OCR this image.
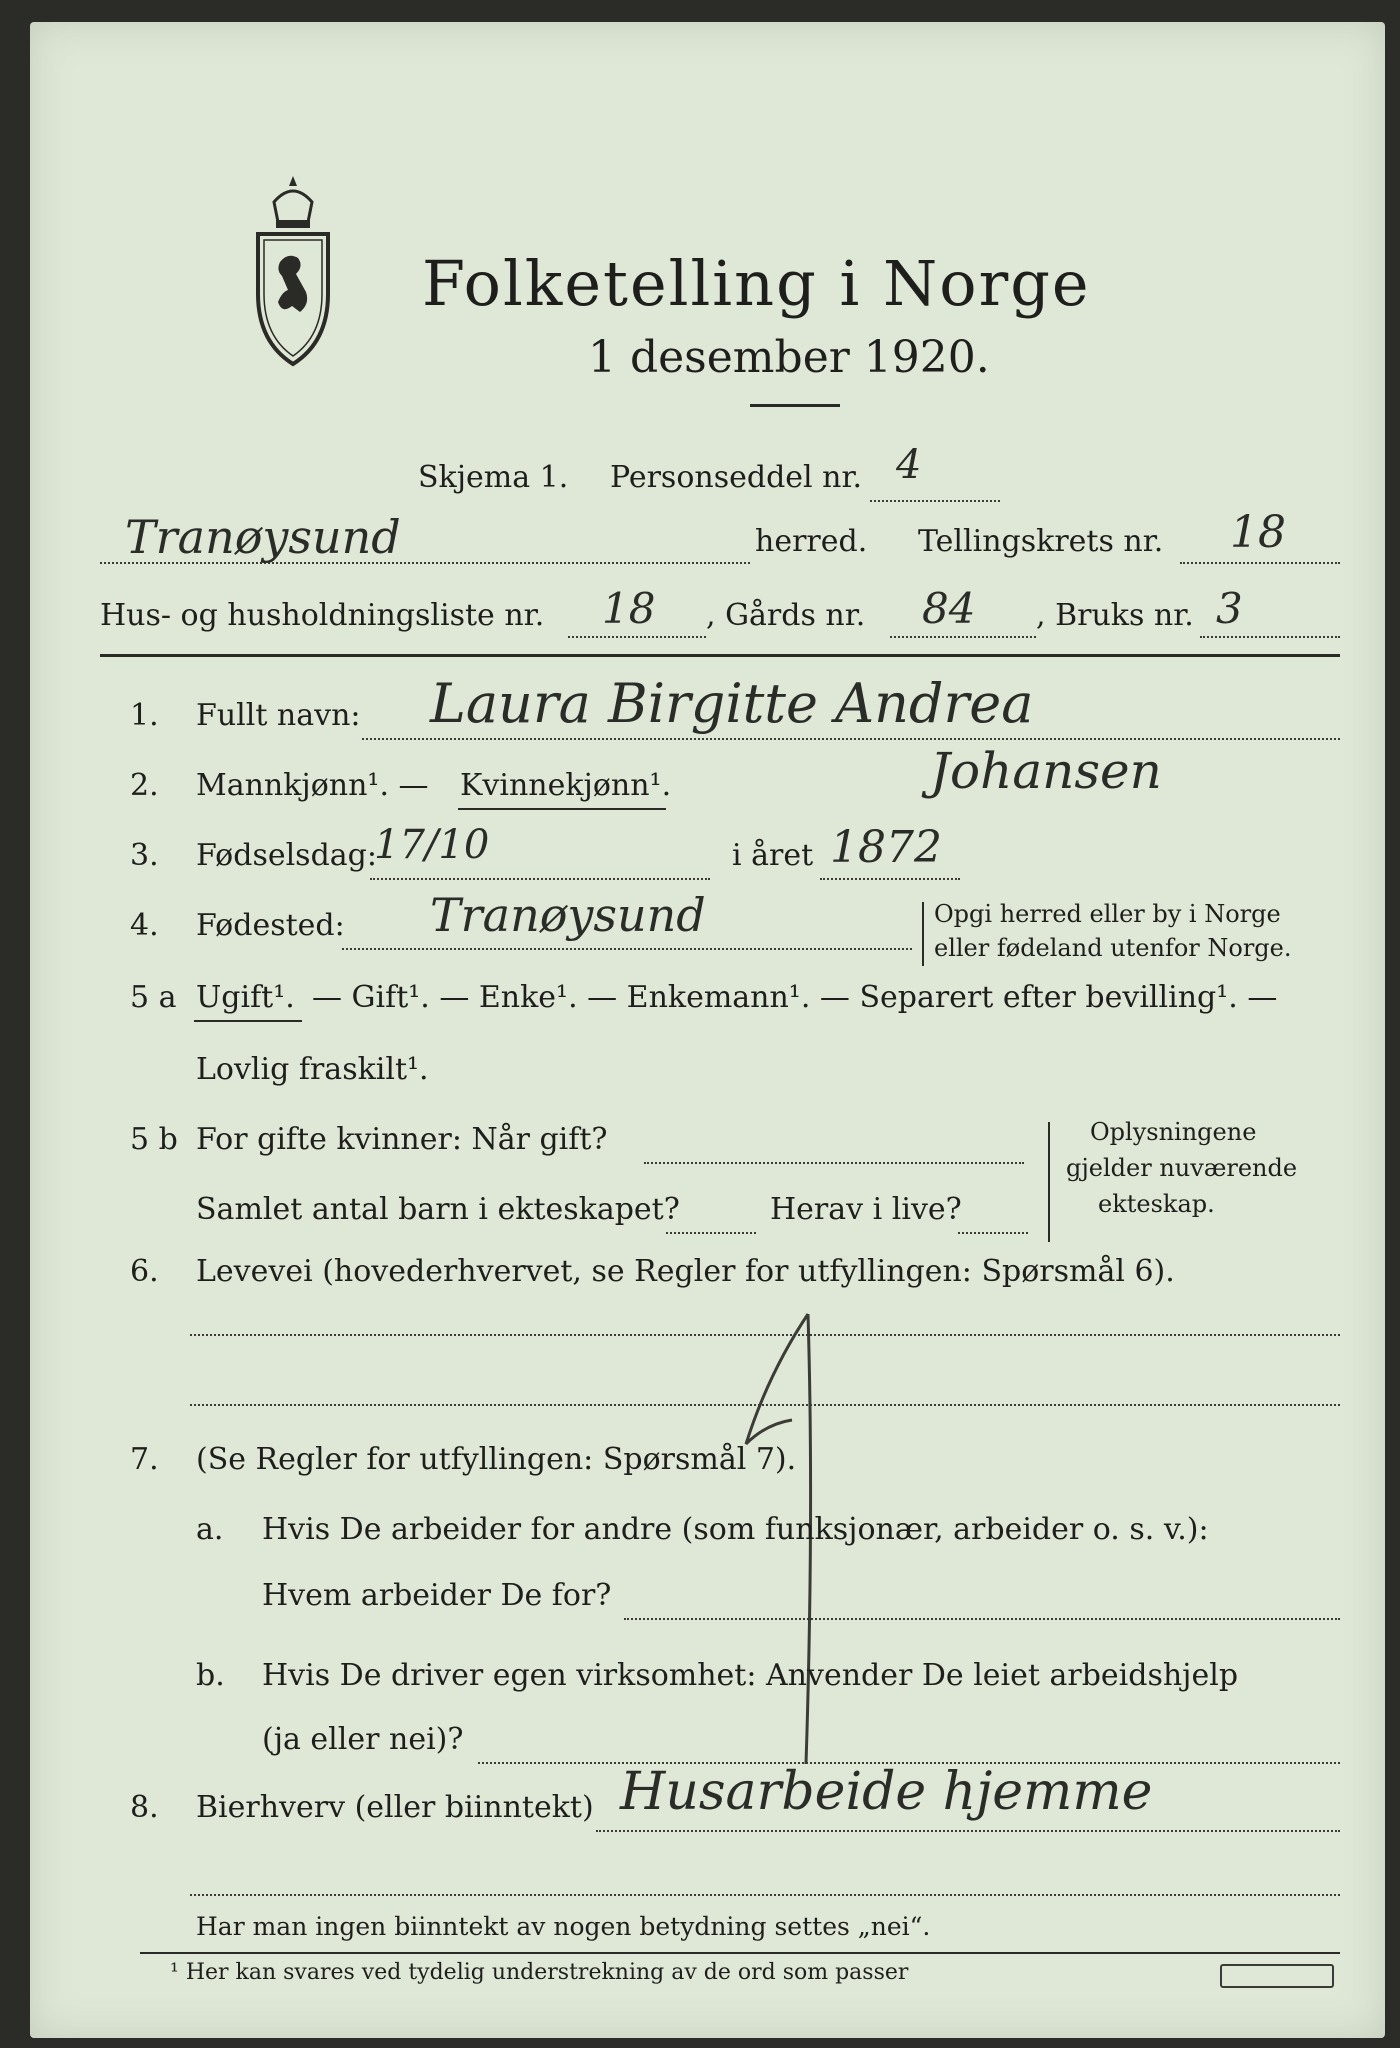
Folketelling i Norge
1 desember 1920.
Skjema 1. Personseddel nr. 4
Tranøysund	herred. Tellingskrets nr. 18
Hus- og husholdningsliste nr. 18 , Gårds nr. 84 , Bruks nr. 3
1. Fullt navn: Laura Birgitte Andrea
Johansen
2. Mannkjønn¹. — Kvinnekjønn¹.
3. Fødselsdag:
17/10	i året 1872
4. Fødested: Tranøysund	Opgi herred eller by i Norge
eller fødeland utenfor Norge.
5 a Ugift¹. — Gift¹. — Enke¹. — Enkemann¹. — Separert efter bevilling¹. —
Lovlig fraskilt¹.
5 b For gifte kvinner: Når gift?
Samlet antal barn i ekteskapet?	Herav i live?
Oplysningene
gjelder nuværende
ekteskap.
6. Levevei (hovederhvervet, se Regler for utfyllingen: Spørsmål 6).
7. (Se Regler for utfyllingen: Spørsmål 7).
a. Hvis De arbeider for andre (som funksjonær, arbeider o. s. v.):
Hvem arbeider De for?
b. Hvis De driver egen virksomhet: Anvender De leiet arbeidshjelp
(ja eller nei)?
8. Bierhverv (eller biinntekt) Husarbeide hjemme
Har man ingen biinntekt av nogen betydning settes „nei“.
¹ Her kan svares ved tydelig understrekning av de ord som passer
